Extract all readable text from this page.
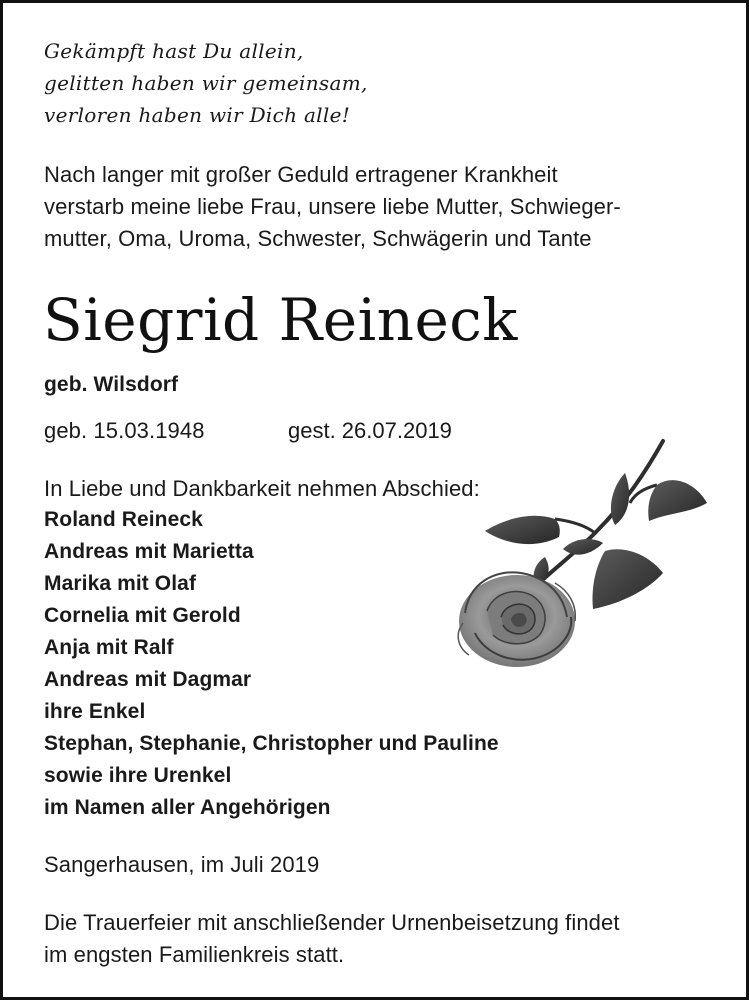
Gekämpft hast Du allein,

gelitten haben wir gemeinsam,

verloren haben wir Dich alle!

Nach langer mit großer Geduld ertragener Krankheit

verstarb meine liebe Frau, unsere liebe Mutter, Schwieger-

mutter, Oma, Uroma, Schwester, Schwägerin und Tante

Siegrid Reineck

geb. Wilsdorf

geb. 15.03.1948	gest. 26.07.2019

In Liebe und Dankbarkeit nehmen Abschied:

Roland Reineck

Andreas mit Marietta

Marika mit Olaf

Cornelia mit Gerold

Anja mit Ralf

Andreas mit Dagmar

ihre Enkel

Stephan, Stephanie, Christopher und Pauline

sowie ihre Urenkel

im Namen aller Angehörigen

Sangerhausen, im Juli 2019

Die Trauerfeier mit anschließender Urnenbeisetzung findet

im engsten Familienkreis statt.
